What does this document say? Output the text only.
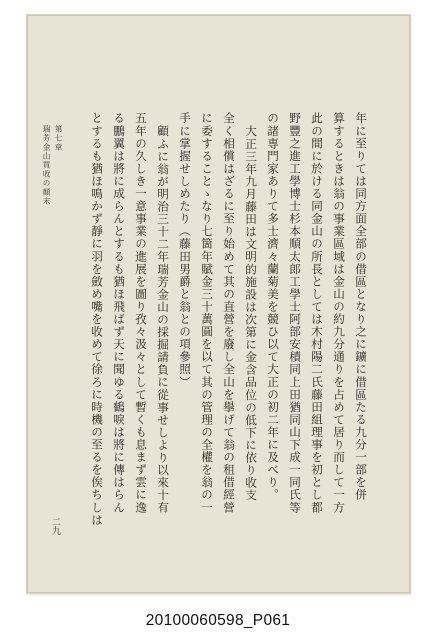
年に至りては同方面全部の借區となり之に鑛に借區たる九分一部を併
算するときは翁の事業區域は金山の約九分通りを占めて居り而して一方
此の間に於ける同金山の所長としては木村陽二氏藤田組理事を初とし都
野豐之進工學博士杉本順太郎工學士阿部安積同上田猶同山下成一同氏等
の諸専門家ありて多士濟々蘭菊美を競ひ以て大正の初二年に及べり。
大正三年九月藤田は文明的施設は次第に金含品位の低下に依り收支
全く相償はざるに至り始めて其の直營を廢し全山を擧げて翁の租借經營
に委することゝなり七箇年賦金三十萬圓を以て其の管理の全權を翁の一
手に掌握せしめたり（藤田男爵と翁との項參照）
顧ふに翁が明治三十二年瑞芳金山の採掘請負に從事せしより以來十有
五年の久しき一意事業の進展を圖り孜々汲々として暫くも息まず雲に逸
る鵬翼は將に成らんとするも猶ほ飛ばず天に聞ゆる鶴唳は將に傳はらん
とするも猶ほ鳴かず靜に羽を斂め嘴を收めて徐ろに時機の至るを俟ちしは
第七章
瑞芳金山買收の顛末
二九
20100060598_P061
